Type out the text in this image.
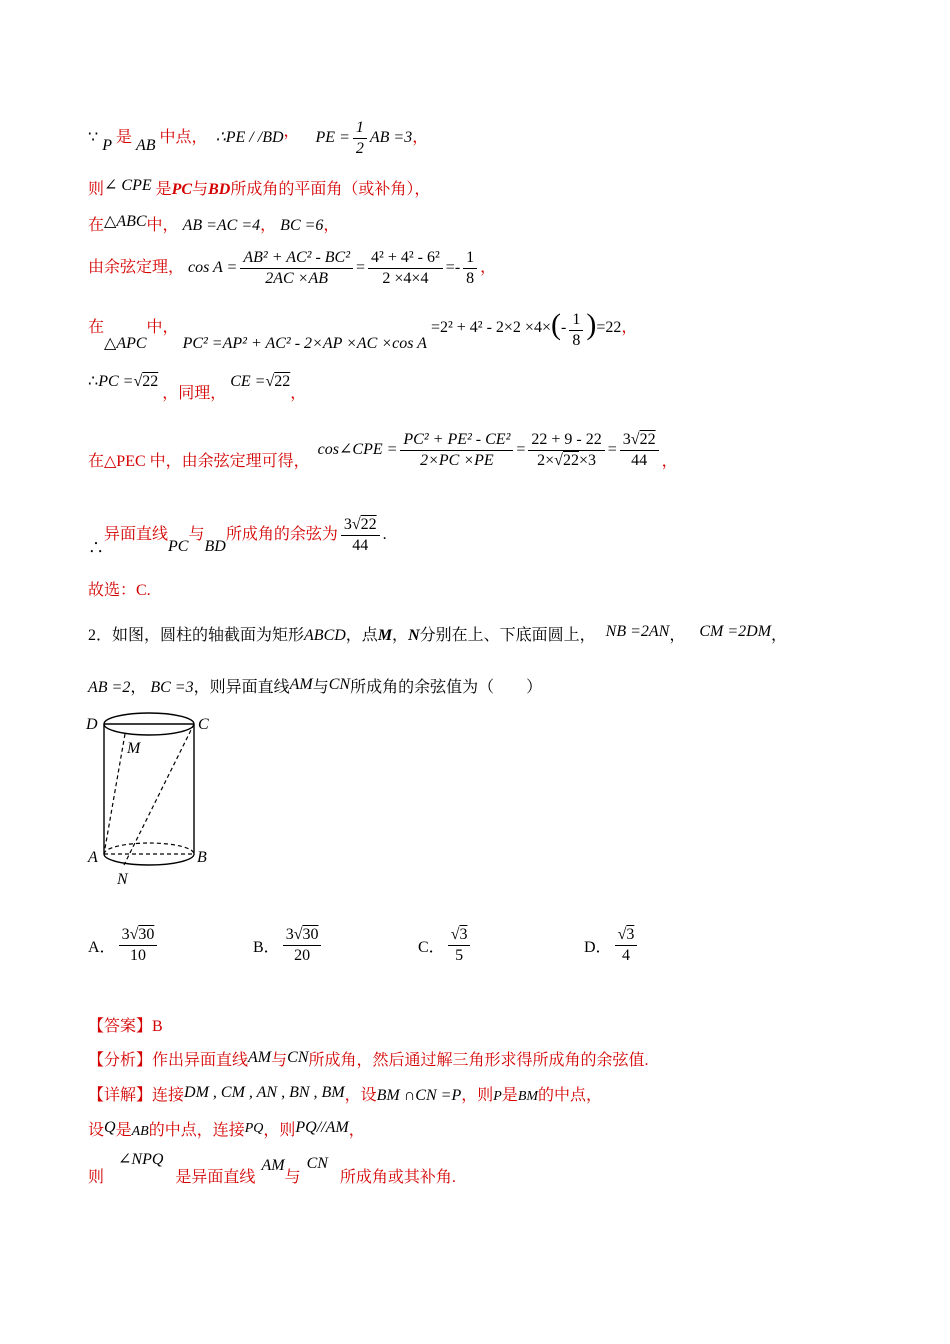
∵ P 是 AB 中点， ∴PE / /BD， PE = $\frac{1}{2}$ AB =3，
则∠ CPE 是PC与BD所成角的平面角（或补角），
在△ABC中， AB =AC =4， BC =6，
由余弦定理， $\cos A = \frac{\text{AB² + AC² - BC²}}{2AC \times AB} = \frac{\text{4² + 4² - 6²}}{2 \times 4\times 4} =- \frac{1}{8}$ ，
在△APC中， PC² =AP² + AC² - 2×AP ×AC ×cos $A =2^2 + 4^2 - 2\times 2 \times 4\times(- \frac{1}{8} )=22$，
∴PC =√22 ，同理， CE =√22，
在△PEC 中，由余弦定理可得， cos∠CPE = $\frac{\text{PC² + PE² - CE²}}{2\times PC \times PE} = \frac{22 + 9 - 22}{2\times√22\times 3} = \frac{3√22}{44}$ ，
∴异面直线PC与BD所成角的余弦为 $\frac{3√22}{44}$ .
故选：C.
2．如图，圆柱的轴截面为矩形ABCD，点M，N分别在上、下底面圆上， NB =2AN， CM =2DM，
AB =2， BC =3，则异面直线AM与CN所成角的余弦值为（　　）
D	C
M
A	B
N
A． $\frac{3√30}{10}$	B． $\frac{3√30}{20}$	C． $\frac{√3}{5}$	D． $\frac{√3}{4}$
【答案】B
【分析】作出异面直线AM与CN所成角，然后通过解三角形求得所成角的余弦值.
【详解】连接DM , CM , AN , BN , BM，设BM ∩CN =P，则P是BM的中点，
设Q是AB的中点，连接PQ，则PQ//AM，
则∠NPQ是异面直线AM与CN所成角或其补角.
